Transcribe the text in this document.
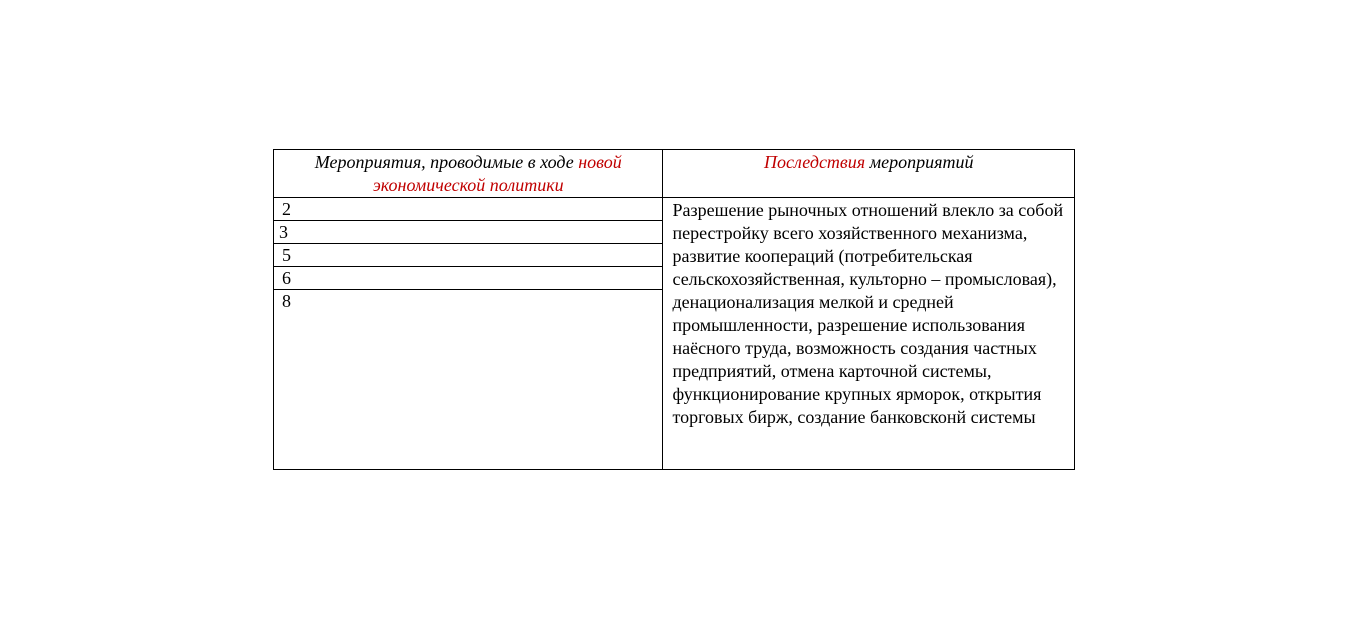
Мероприятия, проводимые в ходе новой экономической политики	Последствия мероприятий
2	Разрешение рыночных отношений влекло за собой перестройку всего хозяйственного механизма, развитие коопераций (потребительская сельскохозяйственная, культорно – промысловая), денационализация мелкой и средней промышленности, разрешение использования наёсного труда, возможность создания частных предприятий, отмена карточной системы, функционирование крупных ярморок, открытия торговых бирж, создание банковсконй системы
3	
5	
6	
8	
